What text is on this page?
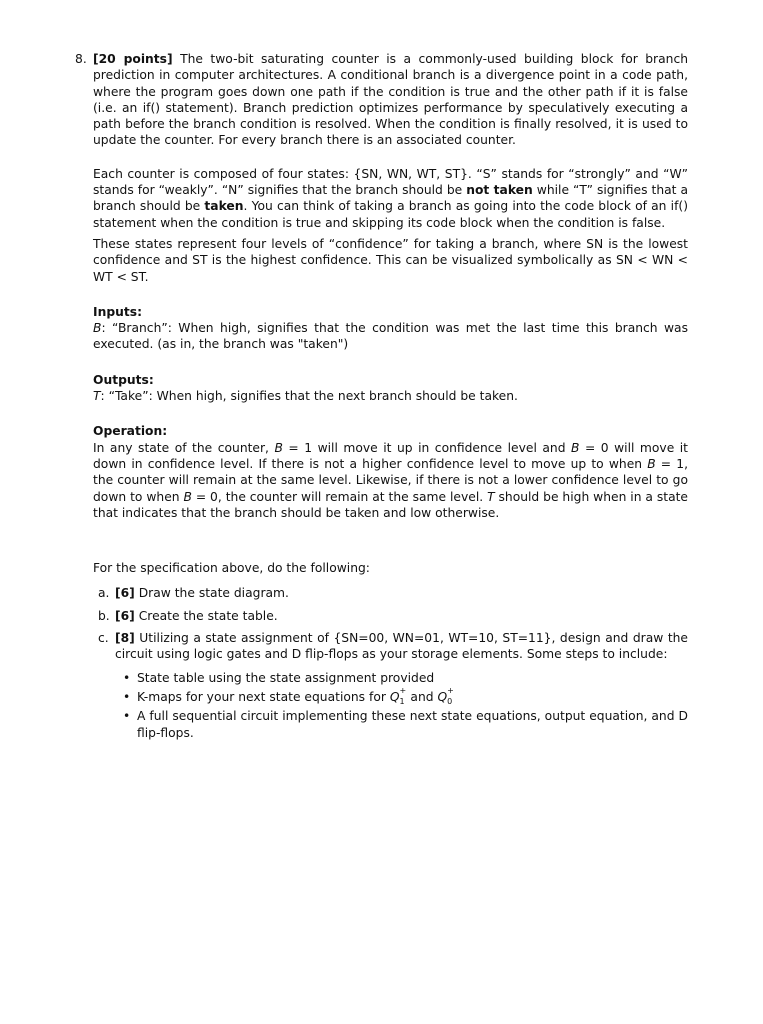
8. [20 points] The two-bit saturating counter is a commonly-used building block for branch prediction in computer architectures. A conditional branch is a divergence point in a code path, where the program goes down one path if the condition is true and the other path if it is false (i.e. an if() statement). Branch prediction optimizes performance by speculatively executing a path before the branch condition is resolved. When the condition is finally resolved, it is used to update the counter. For every branch there is an associated counter.

Each counter is composed of four states: {SN, WN, WT, ST}. “S” stands for “strongly” and “W” stands for “weakly”. “N” signifies that the branch should be not taken while “T” signifies that a branch should be taken. You can think of taking a branch as going into the code block of an if() statement when the condition is true and skipping its code block when the condition is false.

These states represent four levels of “confidence” for taking a branch, where SN is the lowest confidence and ST is the highest confidence. This can be visualized symbolically as SN < WN < WT < ST.

Inputs:

B: “Branch”: When high, signifies that the condition was met the last time this branch was executed. (as in, the branch was "taken")

Outputs:

T: “Take”: When high, signifies that the next branch should be taken.

Operation:

In any state of the counter, B = 1 will move it up in confidence level and B = 0 will move it down in confidence level. If there is not a higher confidence level to move up to when B = 1, the counter will remain at the same level. Likewise, if there is not a lower confidence level to go down to when B = 0, the counter will remain at the same level. T should be high when in a state that indicates that the branch should be taken and low otherwise.

For the specification above, do the following:

a. [6] Draw the state diagram.
b. [6] Create the state table.
c. [8] Utilizing a state assignment of {SN=00, WN=01, WT=10, ST=11}, design and draw the circuit using logic gates and D flip-flops as your storage elements. Some steps to include:

• State table using the state assignment provided
• K-maps for your next state equations for Q +
1 and Q +
0
• A full sequential circuit implementing these next state equations, output equation, and D flip-flops.
